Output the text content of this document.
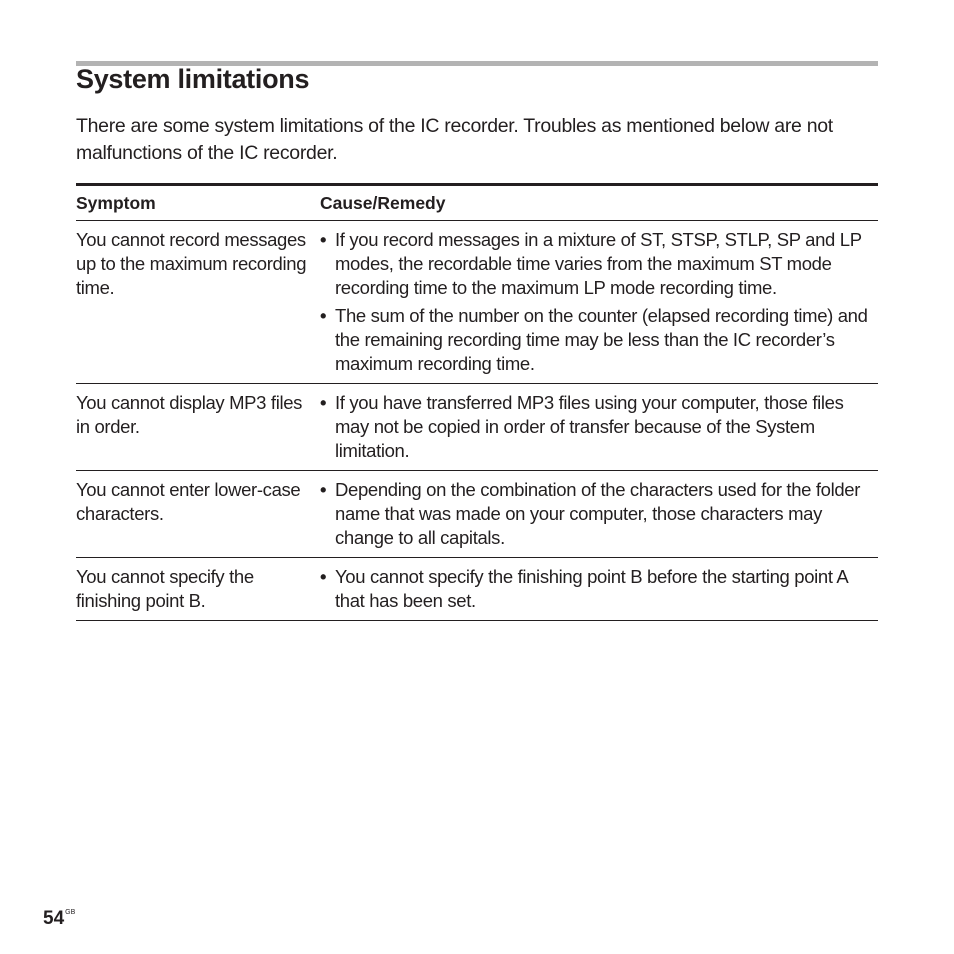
System limitations

There are some system limitations of the IC recorder. Troubles as mentioned below are not malfunctions of the IC recorder.

Symptom	Cause/Remedy
You cannot record messages up to the maximum recording time.
• If you record messages in a mixture of ST, STSP, STLP, SP and LP modes, the recordable time varies from the maximum ST mode recording time to the maximum LP mode recording time.
• The sum of the number on the counter (elapsed recording time) and the remaining recording time may be less than the IC recorder’s maximum recording time.
You cannot display MP3 files in order.
• If you have transferred MP3 files using your computer, those files may not be copied in order of transfer because of the System limitation.
You cannot enter lower-case characters.
• Depending on the combination of the characters used for the folder name that was made on your computer, those characters may change to all capitals.
You cannot specify the finishing point B.
• You cannot specify the finishing point B before the starting point A that has been set.
$54^{GB}$
